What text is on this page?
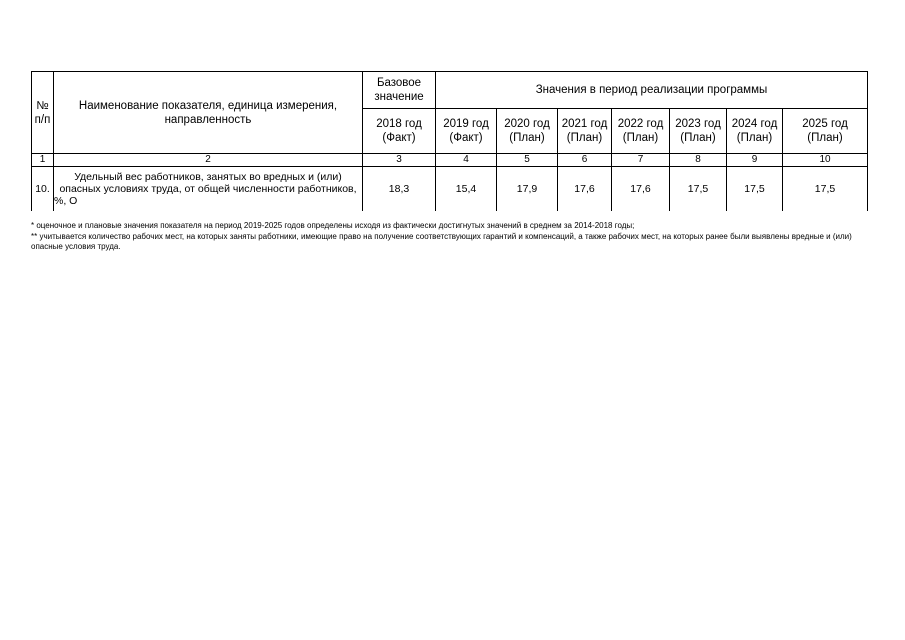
№ п/п	Наименование показателя, единица измерения, направленность	Базовое значение	Значения в период реализации программы						
		2018 год (Факт)	2019 год (Факт)	2020 год (План)	2021 год (План)	2022 год (План)	2023 год (План)	2024 год (План)	2025 год (План)
1	2	3	4	5	6	7	8	9	10
10.	Удельный вес работников, занятых во вредных и (или) опасных условиях труда, от общей численности работников, %, О	18,3	15,4	17,9	17,6	17,6	17,5	17,5	17,5

* оценочное и плановые значения показателя на период 2019-2025 годов определены исходя из фактически достигнутых значений в среднем за 2014-2018 годы;

** учитывается количество рабочих мест, на которых заняты работники, имеющие право на получение соответствующих гарантий и компенсаций, а также рабочих мест, на которых ранее были выявлены вредные и (или) опасные условия труда.
